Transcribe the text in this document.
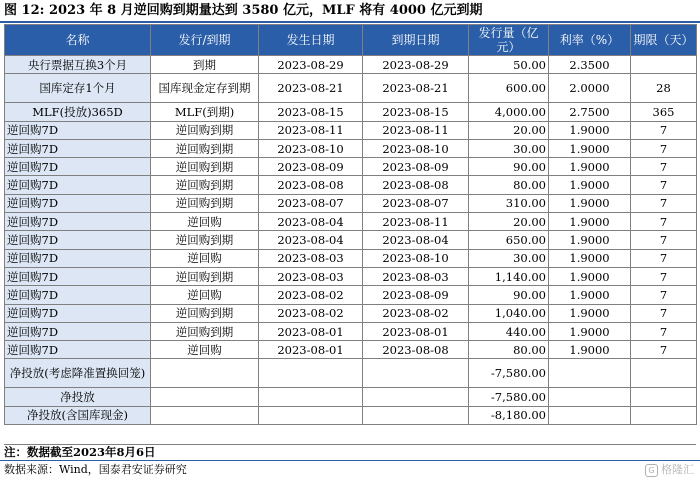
图 12: 2023 年 8 月逆回购到期量达到 3580 亿元，MLF 将有 4000 亿元到期
名称	发行/到期	发生日期	到期日期	发行量（亿元）	利率（%）	期限（天）
央行票据互换3个月	到期	2023-08-29	2023-08-29	50.00	2.3500	
国库定存1个月	国库现金定存到期	2023-08-21	2023-08-21	600.00	2.0000	28
MLF(投放)365D	MLF(到期)	2023-08-15	2023-08-15	4,000.00	2.7500	365
逆回购7D	逆回购到期	2023-08-11	2023-08-11	20.00	1.9000	7
逆回购7D	逆回购到期	2023-08-10	2023-08-10	30.00	1.9000	7
逆回购7D	逆回购到期	2023-08-09	2023-08-09	90.00	1.9000	7
逆回购7D	逆回购到期	2023-08-08	2023-08-08	80.00	1.9000	7
逆回购7D	逆回购到期	2023-08-07	2023-08-07	310.00	1.9000	7
逆回购7D	逆回购	2023-08-04	2023-08-11	20.00	1.9000	7
逆回购7D	逆回购到期	2023-08-04	2023-08-04	650.00	1.9000	7
逆回购7D	逆回购	2023-08-03	2023-08-10	30.00	1.9000	7
逆回购7D	逆回购到期	2023-08-03	2023-08-03	1,140.00	1.9000	7
逆回购7D	逆回购	2023-08-02	2023-08-09	90.00	1.9000	7
逆回购7D	逆回购到期	2023-08-02	2023-08-02	1,040.00	1.9000	7
逆回购7D	逆回购到期	2023-08-01	2023-08-01	440.00	1.9000	7
逆回购7D	逆回购	2023-08-01	2023-08-08	80.00	1.9000	7
净投放(考虑降准置换回笼)				-7,580.00		
净投放				-7,580.00		
净投放(含国库现金)				-8,180.00		
注：数据截至2023年8月6日
数据来源：Wind，国泰君安证券研究	G 格隆汇
